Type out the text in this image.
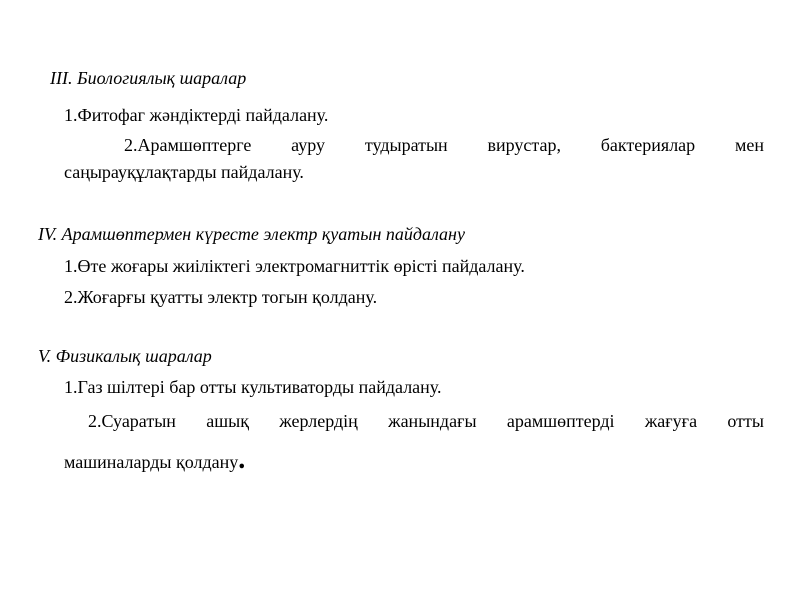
III. Биологиялық шаралар
1.Фитофаг жәндіктерді пайдалану.
2.Арамшөптерге ауру тудыратын вирустар, бактериялар мен
саңырауқұлақтарды пайдалану.
IV. Арамшөптермен күресте электр қуатын пайдалану
1.Өте жоғары жиіліктегі электромагниттік өрісті пайдалану.
2.Жоғарғы қуатты электр тогын қолдану.
V. Физикалық шаралар
1.Газ шілтері бар отты культиваторды пайдалану.
2.Суаратын ашық жерлердің жанындағы арамшөптерді жағуға отты
машиналарды қолдану.
